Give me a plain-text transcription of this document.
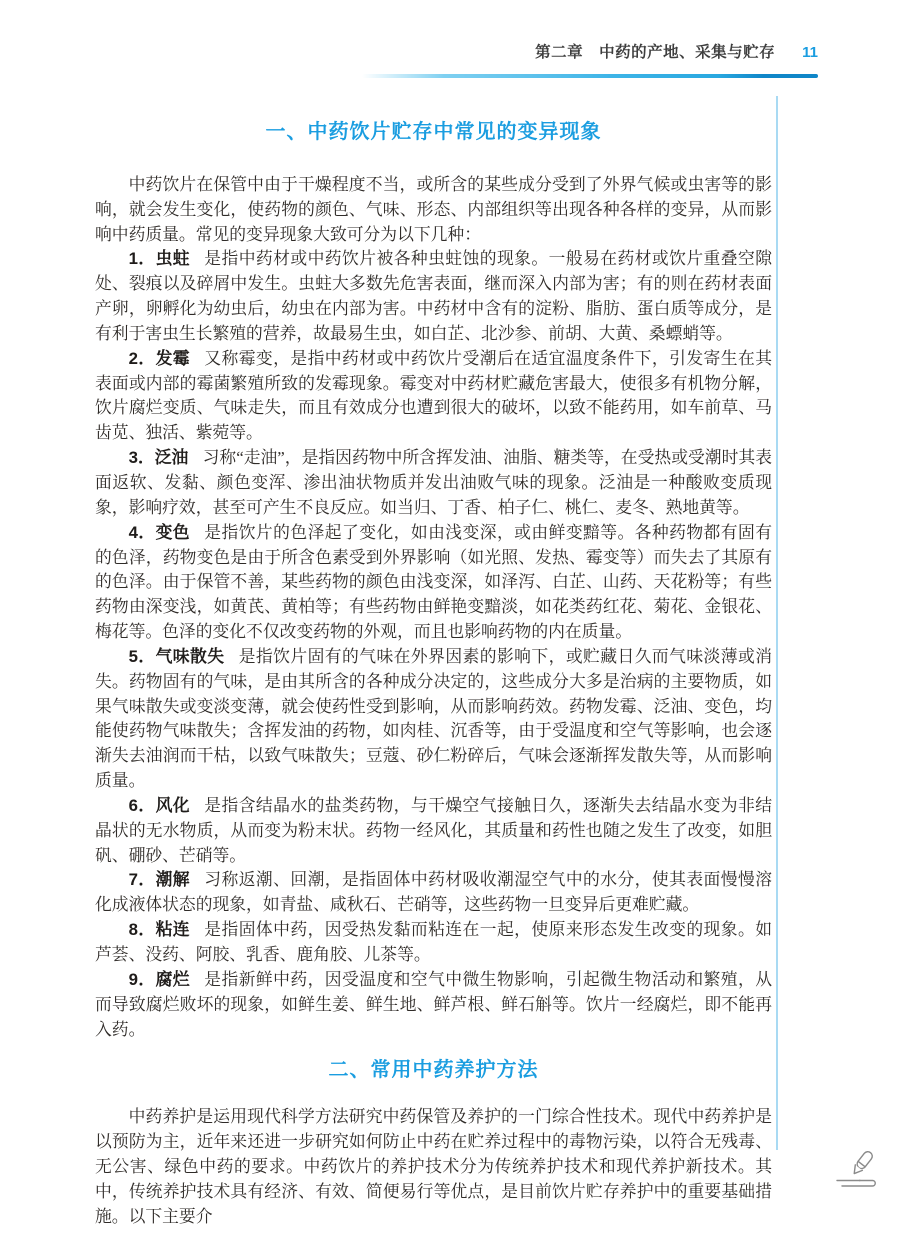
第二章　中药的产地、采集与贮存 11
一、中药饮片贮存中常见的变异现象

中药饮片在保管中由于干燥程度不当，或所含的某些成分受到了外界气候或虫害等的影响，就会发生变化，使药物的颜色、气味、形态、内部组织等出现各种各样的变异，从而影响中药质量。常见的变异现象大致可分为以下几种：

1．虫蛀 是指中药材或中药饮片被各种虫蛀蚀的现象。一般易在药材或饮片重叠空隙处、裂痕以及碎屑中发生。虫蛀大多数先危害表面，继而深入内部为害；有的则在药材表面产卵，卵孵化为幼虫后，幼虫在内部为害。中药材中含有的淀粉、脂肪、蛋白质等成分，是有利于害虫生长繁殖的营养，故最易生虫，如白芷、北沙参、前胡、大黄、桑螵蛸等。

2．发霉 又称霉变，是指中药材或中药饮片受潮后在适宜温度条件下，引发寄生在其表面或内部的霉菌繁殖所致的发霉现象。霉变对中药材贮藏危害最大，使很多有机物分解，饮片腐烂变质、气味走失，而且有效成分也遭到很大的破坏，以致不能药用，如车前草、马齿苋、独活、紫菀等。

3．泛油 习称“走油”，是指因药物中所含挥发油、油脂、糖类等，在受热或受潮时其表面返软、发黏、颜色变浑、渗出油状物质并发出油败气味的现象。泛油是一种酸败变质现象，影响疗效，甚至可产生不良反应。如当归、丁香、柏子仁、桃仁、麦冬、熟地黄等。

4．变色 是指饮片的色泽起了变化，如由浅变深，或由鲜变黯等。各种药物都有固有的色泽，药物变色是由于所含色素受到外界影响（如光照、发热、霉变等）而失去了其原有的色泽。由于保管不善，某些药物的颜色由浅变深，如泽泻、白芷、山药、天花粉等；有些药物由深变浅，如黄芪、黄柏等；有些药物由鲜艳变黯淡，如花类药红花、菊花、金银花、梅花等。色泽的变化不仅改变药物的外观，而且也影响药物的内在质量。

5．气味散失 是指饮片固有的气味在外界因素的影响下，或贮藏日久而气味淡薄或消失。药物固有的气味，是由其所含的各种成分决定的，这些成分大多是治病的主要物质，如果气味散失或变淡变薄，就会使药性受到影响，从而影响药效。药物发霉、泛油、变色，均能使药物气味散失；含挥发油的药物，如肉桂、沉香等，由于受温度和空气等影响，也会逐渐失去油润而干枯，以致气味散失；豆蔻、砂仁粉碎后，气味会逐渐挥发散失等，从而影响质量。

6．风化 是指含结晶水的盐类药物，与干燥空气接触日久，逐渐失去结晶水变为非结晶状的无水物质，从而变为粉末状。药物一经风化，其质量和药性也随之发生了改变，如胆矾、硼砂、芒硝等。

7．潮解 习称返潮、回潮，是指固体中药材吸收潮湿空气中的水分，使其表面慢慢溶化成液体状态的现象，如青盐、咸秋石、芒硝等，这些药物一旦变异后更难贮藏。

8．粘连 是指固体中药，因受热发黏而粘连在一起，使原来形态发生改变的现象。如芦荟、没药、阿胶、乳香、鹿角胶、儿茶等。

9．腐烂 是指新鲜中药，因受温度和空气中微生物影响，引起微生物活动和繁殖，从而导致腐烂败坏的现象，如鲜生姜、鲜生地、鲜芦根、鲜石斛等。饮片一经腐烂，即不能再入药。

二、常用中药养护方法

中药养护是运用现代科学方法研究中药保管及养护的一门综合性技术。现代中药养护是以预防为主，近年来还进一步研究如何防止中药在贮养过程中的毒物污染，以符合无残毒、无公害、绿色中药的要求。中药饮片的养护技术分为传统养护技术和现代养护新技术。其中，传统养护技术具有经济、有效、简便易行等优点，是目前饮片贮存养护中的重要基础措施。以下主要介
